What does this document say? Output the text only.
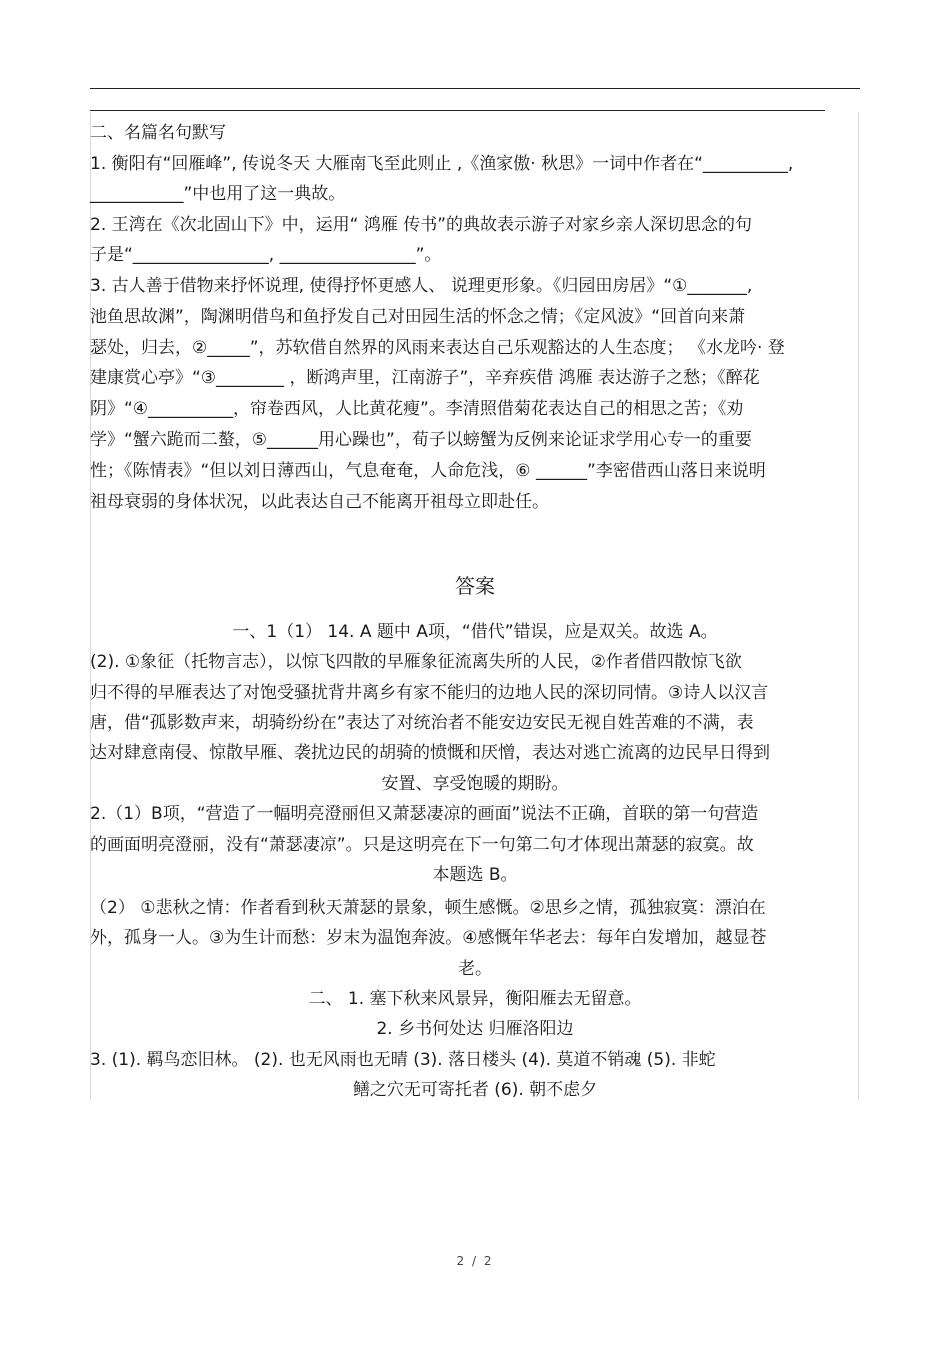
二、名篇名句默写
1. 衡阳有“回雁峰”, 传说冬天 大雁南飞至此则止 ,《渔家傲· 秋思》一词中作者在“__________,
___________”中也用了这一典故。
2. 王湾在《次北固山下》中，运用“ 鸿雁 传书”的典故表示游子对家乡亲人深切思念的句
子是“________________, ________________”。
3. 古人善于借物来抒怀说理, 使得抒怀更感人、 说理更形象。《归园田房居》“①_______,
池鱼思故渊”，陶渊明借鸟和鱼抒发自己对田园生活的怀念之情；《定风波》“回首向来萧
瑟处，归去，②_____”，苏软借自然界的风雨来表达自己乐观豁达的人生态度； 《水龙吟· 登
建康赏心亭》“③________ ，断鸿声里，江南游子”，辛弃疾借 鸿雁 表达游子之愁；《醉花
阴》“④__________，帘卷西风，人比黄花瘦”。李清照借菊花表达自己的相思之苦；《劝
学》“蟹六跪而二螯，⑤______用心躁也”，荀子以螃蟹为反例来论证求学用心专一的重要
性；《陈情表》“但以刘日薄西山，气息奄奄，人命危浅，⑥ ______”李密借西山落日来说明
祖母衰弱的身体状况，以此表达自己不能离开祖母立即赴任。
答案
一、1（1） 14. A 题中 A项，“借代”错误，应是双关。故选 A。
(2). ①象征（托物言志），以惊飞四散的早雁象征流离失所的人民，②作者借四散惊飞欲
归不得的早雁表达了对饱受骚扰背井离乡有家不能归的边地人民的深切同情。③诗人以汉言
唐，借“孤影数声来，胡骑纷纷在”表达了对统治者不能安边安民无视自姓苦难的不满，表
达对肆意南侵、惊散早雁、袭扰边民的胡骑的愤慨和厌憎，表达对逃亡流离的边民早日得到
安置、享受饱暖的期盼。
2.（1）B项，“营造了一幅明亮澄丽但又萧瑟凄凉的画面”说法不正确，首联的第一句营造
的画面明亮澄丽，没有“萧瑟凄凉”。只是这明亮在下一句第二句才体现出萧瑟的寂寞。故
本题选 B。
（2） ①悲秋之情：作者看到秋天萧瑟的景象，顿生感慨。②思乡之情，孤独寂寞：漂泊在
外，孤身一人。③为生计而愁：岁末为温饱奔波。④感慨年华老去：每年白发增加，越显苍
老。
二、 1. 塞下秋来风景异，衡阳雁去无留意。
2. 乡书何处达 归雁洛阳边
3. (1). 羁鸟恋旧林。 (2). 也无风雨也无晴 (3). 落日楼头 (4). 莫道不销魂 (5). 非蛇
鳝之穴无可寄托者 (6). 朝不虑夕
2 / 2
